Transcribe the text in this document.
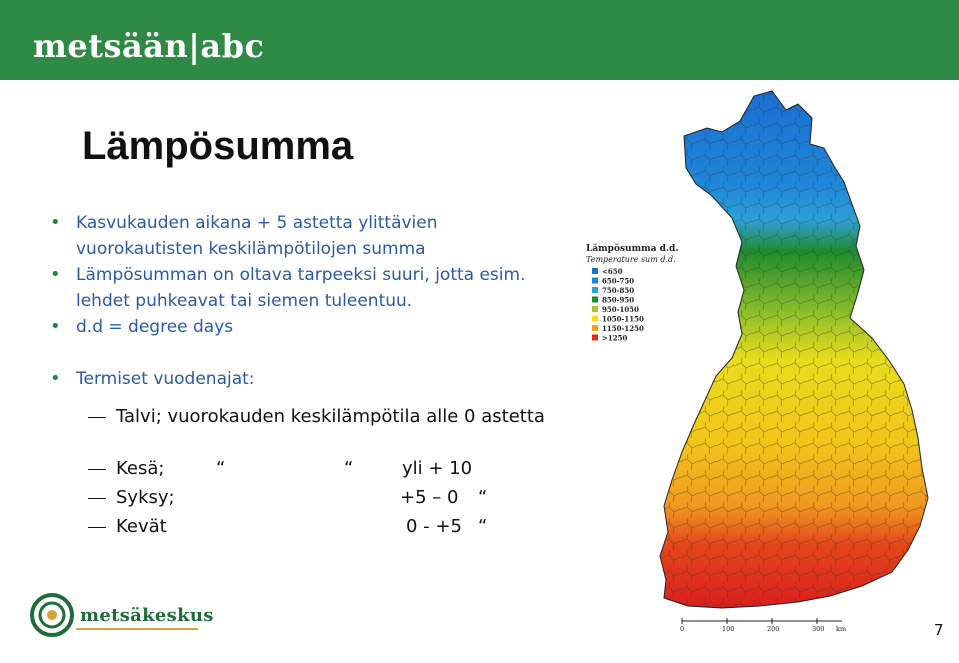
metsään|abc
Lämpösumma
• Kasvukauden aikana + 5 astetta ylittävien vuorokautisten keskilämpötilojen summa
• Lämpösumman on oltava tarpeeksi suuri, jotta esim. lehdet puhkeavat tai siemen tuleentuu.
• d.d = degree days
• Termiset vuodenajat:
Talvi; vuorokauden keskilämpötila alle 0 astetta
Kesä;	“	“	yli + 10
Syksy;	+5 – 0 “
Kevät	0 - +5 “
Lämpösumma d.d.
Temperature sum d.d.
<650
650-750
750-850
850-950
950-1050
1050-1150
1150-1250
>1250
0	100	200	300 km
metsäkeskus
7
